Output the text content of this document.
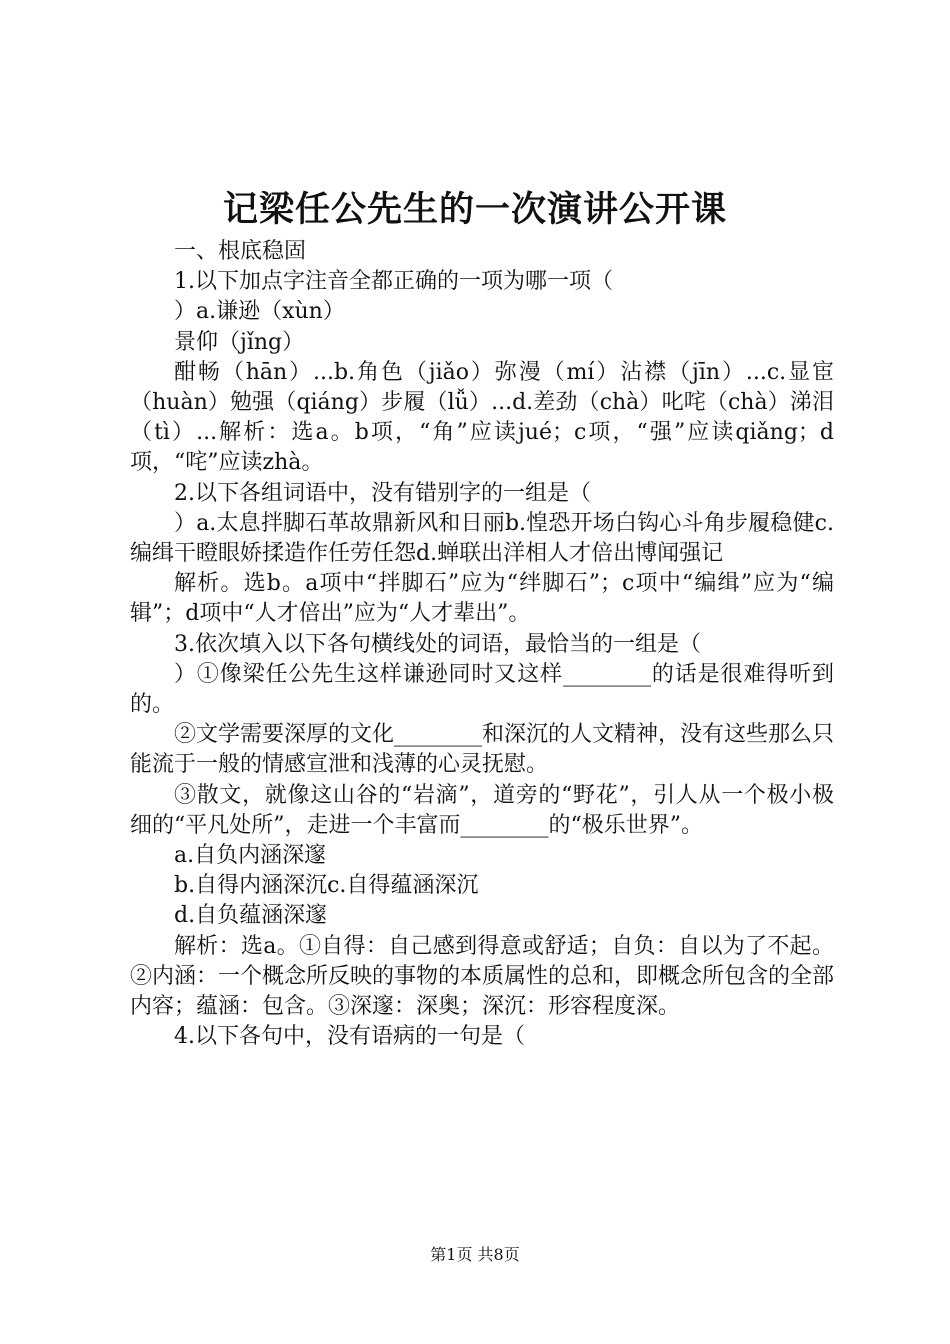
记梁任公先生的一次演讲公开课

一、根底稳固

1.以下加点字注音全都正确的一项为哪一项（

）a.谦逊（xùn）

景仰（jǐng）

酣畅（hān）...b.角色（jiǎo）弥漫（mí）沾襟（jīn）...c.显宦（huàn）勉强（qiáng）步履（lǚ）...d.差劲（chà）叱咤（chà）涕泪（tì）...解析：选a。b项，“角”应读jué；c项，“强”应读qiǎng；d项，“咤”应读zhà。

2.以下各组词语中，没有错别字的一组是（

）a.太息拌脚石革故鼎新风和日丽b.惶恐开场白钩心斗角步履稳健c.编缉干瞪眼娇揉造作任劳任怨d.蝉联出洋相人才倍出博闻强记

解析。选b。a项中“拌脚石”应为“绊脚石”；c项中“编缉”应为“编辑”；d项中“人才倍出”应为“人才辈出”。

3.依次填入以下各句横线处的词语，最恰当的一组是（

）①像梁任公先生这样谦逊同时又这样________的话是很难得听到的。

②文学需要深厚的文化________和深沉的人文精神，没有这些那么只能流于一般的情感宣泄和浅薄的心灵抚慰。

③散文，就像这山谷的“岩滴”，道旁的“野花”，引人从一个极小极细的“平凡处所”，走进一个丰富而________的“极乐世界”。

a.自负内涵深邃

b.自得内涵深沉c.自得蕴涵深沉

d.自负蕴涵深邃

解析：选a。①自得：自己感到得意或舒适；自负：自以为了不起。②内涵：一个概念所反映的事物的本质属性的总和，即概念所包含的全部内容；蕴涵：包含。③深邃：深奥；深沉：形容程度深。

4.以下各句中，没有语病的一句是（

第1页 共8页
